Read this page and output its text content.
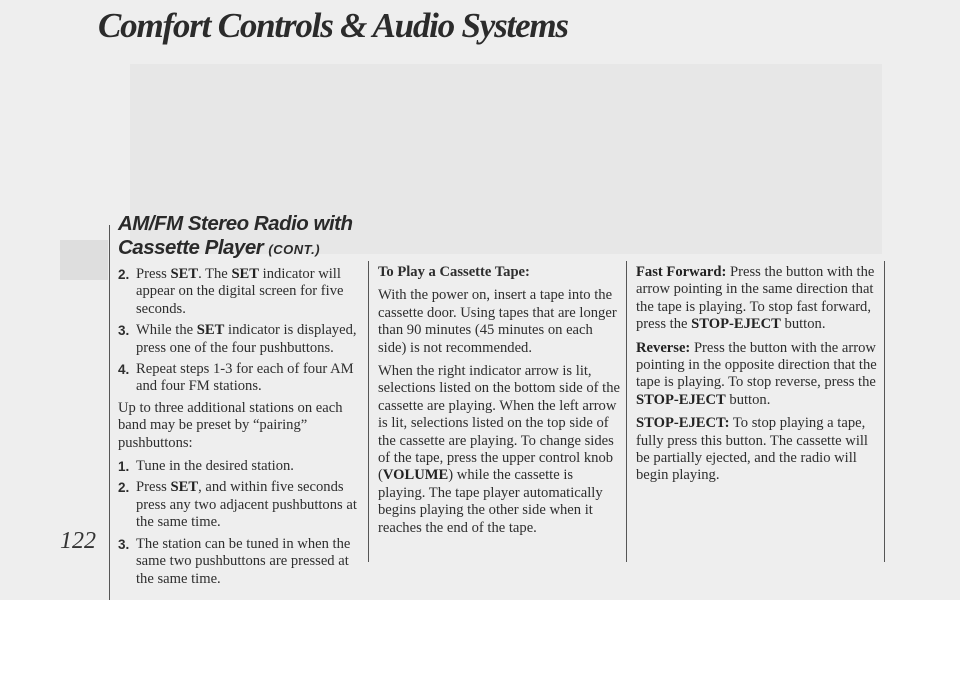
Comfort Controls & Audio Systems
122
AM/FM Stereo Radio with Cassette Player (CONT.)
2. Press SET. The SET indicator will appear on the digital screen for five seconds.
3. While the SET indicator is displayed, press one of the four pushbuttons.
4. Repeat steps 1-3 for each of four AM and four FM stations.

Up to three additional stations on each band may be preset by “pairing” pushbuttons:

1. Tune in the desired station.
2. Press SET, and within five seconds press any two adjacent pushbuttons at the same time.
3. The station can be tuned in when the same two pushbuttons are pressed at the same time.

To Play a Cassette Tape:

With the power on, insert a tape into the cassette door. Using tapes that are longer than 90 minutes (45 minutes on each side) is not recommended.

When the right indicator arrow is lit, selections listed on the bottom side of the cassette are playing. When the left arrow is lit, selections listed on the top side of the cassette are playing. To change sides of the tape, press the upper control knob (VOLUME) while the cassette is playing. The tape player automatically begins playing the other side when it reaches the end of the tape.

Fast Forward: Press the button with the arrow pointing in the same direction that the tape is playing. To stop fast forward, press the STOP-EJECT button.

Reverse: Press the button with the arrow pointing in the opposite direction that the tape is playing. To stop reverse, press the STOP-EJECT button.

STOP-EJECT: To stop playing a tape, fully press this button. The cassette will be partially ejected, and the radio will begin playing.
